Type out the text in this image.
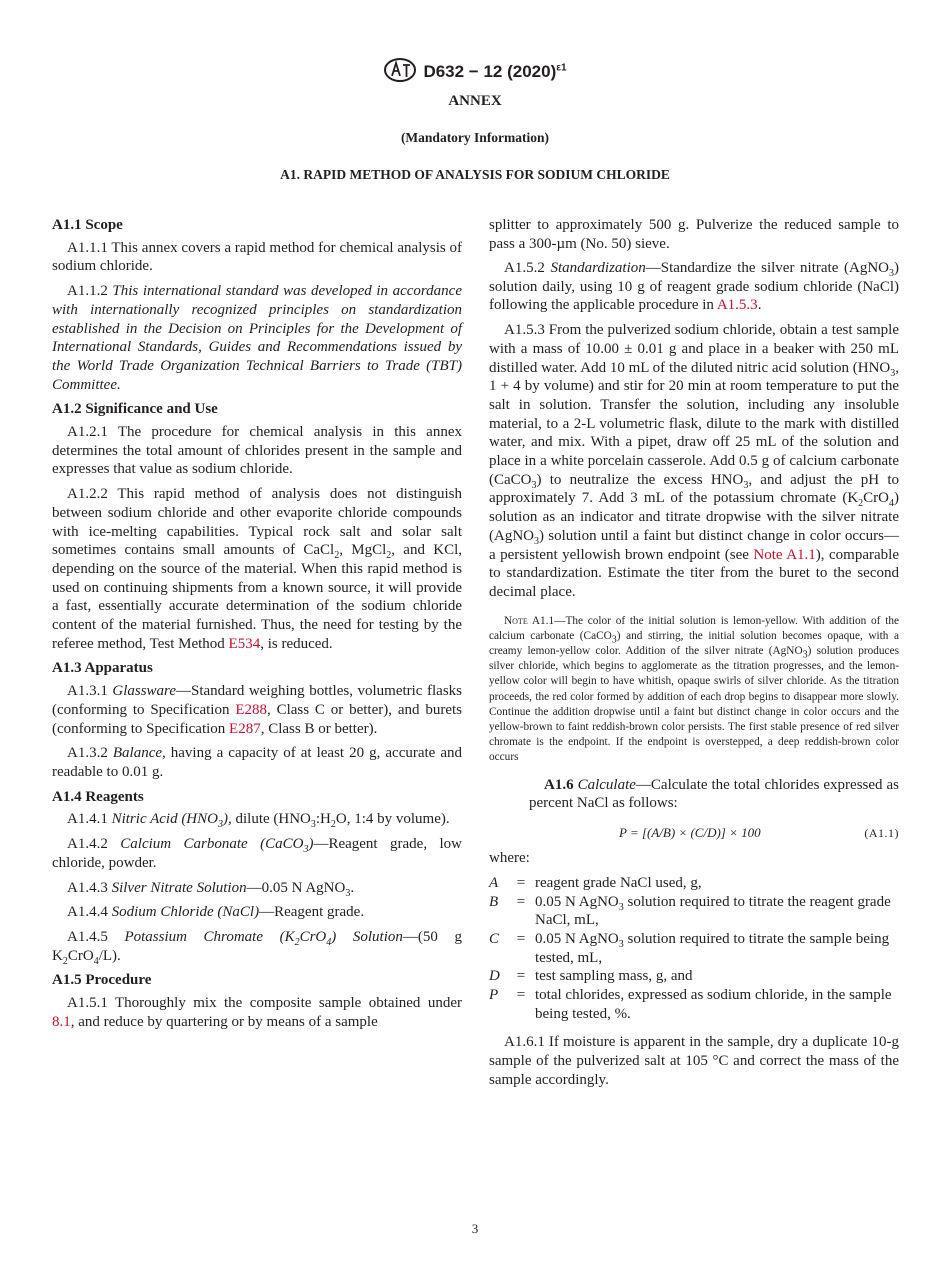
D632 − 12 $(2020)^{\varepsilon 1}$
ANNEX
(Mandatory Information)
A1. RAPID METHOD OF ANALYSIS FOR SODIUM CHLORIDE
A1.1 Scope

A1.1.1 This annex covers a rapid method for chemical analysis of sodium chloride.

A1.1.2 This international standard was developed in accordance with internationally recognized principles on standardization established in the Decision on Principles for the Development of International Standards, Guides and Recommendations issued by the World Trade Organization Technical Barriers to Trade (TBT) Committee.

A1.2 Significance and Use

A1.2.1 The procedure for chemical analysis in this annex determines the total amount of chlorides present in the sample and expresses that value as sodium chloride.

A1.2.2 This rapid method of analysis does not distinguish between sodium chloride and other evaporite chloride compounds with ice-melting capabilities. Typical rock salt and solar salt sometimes contains small amounts of CaCl$_2$, MgCl$_2$, and KCl, depending on the source of the material. When this rapid method is used on continuing shipments from a known source, it will provide a fast, essentially accurate determination of the sodium chloride content of the material furnished. Thus, the need for testing by the referee method, Test Method E534, is reduced.

A1.3 Apparatus

A1.3.1 Glassware—Standard weighing bottles, volumetric flasks (conforming to Specification E288, Class C or better), and burets (conforming to Specification E287, Class B or better).

A1.3.2 Balance, having a capacity of at least 20 g, accurate and readable to 0.01 g.

A1.4 Reagents

A1.4.1 Nitric Acid $(HNO_3)$, dilute ($HNO_3:H_2O$, 1:4 by volume).

A1.4.2 Calcium Carbonate (CaCO$_3$)—Reagent grade, low chloride, powder.

A1.4.3 Silver Nitrate Solution—0.05 N AgNO$_3$.

A1.4.4 Sodium Chloride (NaCl)—Reagent grade.

A1.4.5 Potassium Chromate $(K_2CrO_4)$ Solution—(50 g $K_2CrO_4/L$).

A1.5 Procedure

A1.5.1 Thoroughly mix the composite sample obtained under 8.1, and reduce by quartering or by means of a sample

splitter to approximately 500 g. Pulverize the reduced sample to pass a 300-µm (No. 50) sieve.

A1.5.2 Standardization—Standardize the silver nitrate (AgNO$_3$) solution daily, using 10 g of reagent grade sodium chloride (NaCl) following the applicable procedure in A1.5.3.

A1.5.3 From the pulverized sodium chloride, obtain a test sample with a mass of 10.00 ± 0.01 g and place in a beaker with 250 mL distilled water. Add 10 mL of the diluted nitric acid solution ($HNO_3$, 1 + 4 by volume) and stir for 20 min at room temperature to put the salt in solution. Transfer the solution, including any insoluble material, to a 2-L volumetric flask, dilute to the mark with distilled water, and mix. With a pipet, draw off 25 mL of the solution and place in a white porcelain casserole. Add 0.5 g of calcium carbonate (CaCO$_3$) to neutralize the excess $HNO_3$, and adjust the pH to approximately 7. Add 3 mL of the potassium chromate $(K_2CrO_4)$ solution as an indicator and titrate dropwise with the silver nitrate (AgNO$_3$) solution until a faint but distinct change in color occurs—a persistent yellowish brown endpoint (see Note A1.1), comparable to standardization. Estimate the titer from the buret to the second decimal place.

Note A1.1—The color of the initial solution is lemon-yellow. With addition of the calcium carbonate (CaCO$_3$) and stirring, the initial solution becomes opaque, with a creamy lemon-yellow color. Addition of the silver nitrate (AgNO$_3$) solution produces silver chloride, which begins to agglomerate as the titration progresses, and the lemon-yellow color will begin to have whitish, opaque swirls of silver chloride. As the titration proceeds, the red color formed by addition of each drop begins to disappear more slowly. Continue the addition dropwise until a faint but distinct change in color occurs and the yellow-brown to faint reddish-brown color persists. The first stable presence of red silver chromate is the endpoint. If the endpoint is overstepped, a deep reddish-brown color occurs

A1.6 Calculate—Calculate the total chlorides expressed as percent NaCl as follows:

P = [(A/B) × (C/D)] × 100	(A1.1)

where:

A	= reagent grade NaCl used, g,
B	= 0.05 N AgNO$_3$ solution required to titrate the reagent grade NaCl, mL,
C	= 0.05 N AgNO$_3$ solution required to titrate the sample being tested, mL,
D	= test sampling mass, g, and
P	= total chlorides, expressed as sodium chloride, in the sample being tested, %.

A1.6.1 If moisture is apparent in the sample, dry a duplicate 10-g sample of the pulverized salt at 105 °C and correct the mass of the sample accordingly.

3
